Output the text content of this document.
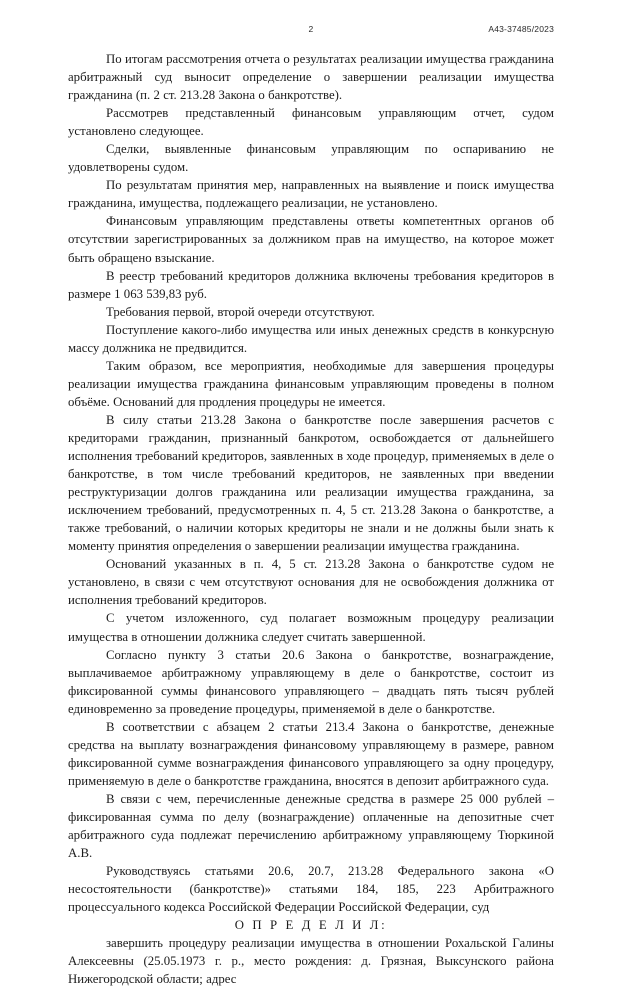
2	А43-37485/2023

По итогам рассмотрения отчета о результатах реализации имущества гражданина арбитражный суд выносит определение о завершении реализации имущества гражданина (п. 2 ст. 213.28 Закона о банкротстве).

Рассмотрев представленный финансовым управляющим отчет, судом установлено следующее.

Сделки, выявленные финансовым управляющим по оспариванию не удовлетворены судом.

По результатам принятия мер, направленных на выявление и поиск имущества гражданина, имущества, подлежащего реализации, не установлено.

Финансовым управляющим представлены ответы компетентных органов об отсутствии зарегистрированных за должником прав на имущество, на которое может быть обращено взыскание.

В реестр требований кредиторов должника включены требования кредиторов в размере 1 063 539,83 руб.

Требования первой, второй очереди отсутствуют.

Поступление какого-либо имущества или иных денежных средств в конкурсную массу должника не предвидится.

Таким образом, все мероприятия, необходимые для завершения процедуры реализации имущества гражданина финансовым управляющим проведены в полном объёме. Оснований для продления процедуры не имеется.

В силу статьи 213.28 Закона о банкротстве после завершения расчетов с кредиторами гражданин, признанный банкротом, освобождается от дальнейшего исполнения требований кредиторов, заявленных в ходе процедур, применяемых в деле о банкротстве, в том числе требований кредиторов, не заявленных при введении реструктуризации долгов гражданина или реализации имущества гражданина, за исключением требований, предусмотренных п. 4, 5 ст. 213.28 Закона о банкротстве, а также требований, о наличии которых кредиторы не знали и не должны были знать к моменту принятия определения о завершении реализации имущества гражданина.

Оснований указанных в п. 4, 5 ст. 213.28 Закона о банкротстве судом не установлено, в связи с чем отсутствуют основания для не освобождения должника от исполнения требований кредиторов.

С учетом изложенного, суд полагает возможным процедуру реализации имущества в отношении должника следует считать завершенной.

Согласно пункту 3 статьи 20.6 Закона о банкротстве, вознаграждение, выплачиваемое арбитражному управляющему в деле о банкротстве, состоит из фиксированной суммы финансового управляющего – двадцать пять тысяч рублей единовременно за проведение процедуры, применяемой в деле о банкротстве.

В соответствии с абзацем 2 статьи 213.4 Закона о банкротстве, денежные средства на выплату вознаграждения финансовому управляющему в размере, равном фиксированной сумме вознаграждения финансового управляющего за одну процедуру, применяемую в деле о банкротстве гражданина, вносятся в депозит арбитражного суда.

В связи с чем, перечисленные денежные средства в размере 25 000 рублей – фиксированная сумма по делу (вознаграждение) оплаченные на депозитные счет арбитражного суда подлежат перечислению арбитражному управляющему Тюркиной А.В.

Руководствуясь статьями 20.6, 20.7, 213.28 Федерального закона «О несостоятельности (банкротстве)» статьями 184, 185, 223 Арбитражного процессуального кодекса Российской Федерации Российской Федерации, суд

О П Р Е Д Е Л И Л:

завершить процедуру реализации имущества в отношении Рохальской Галины Алексеевны (25.05.1973 г. р., место рождения: д. Грязная, Выксунского района Нижегородской области; адрес
